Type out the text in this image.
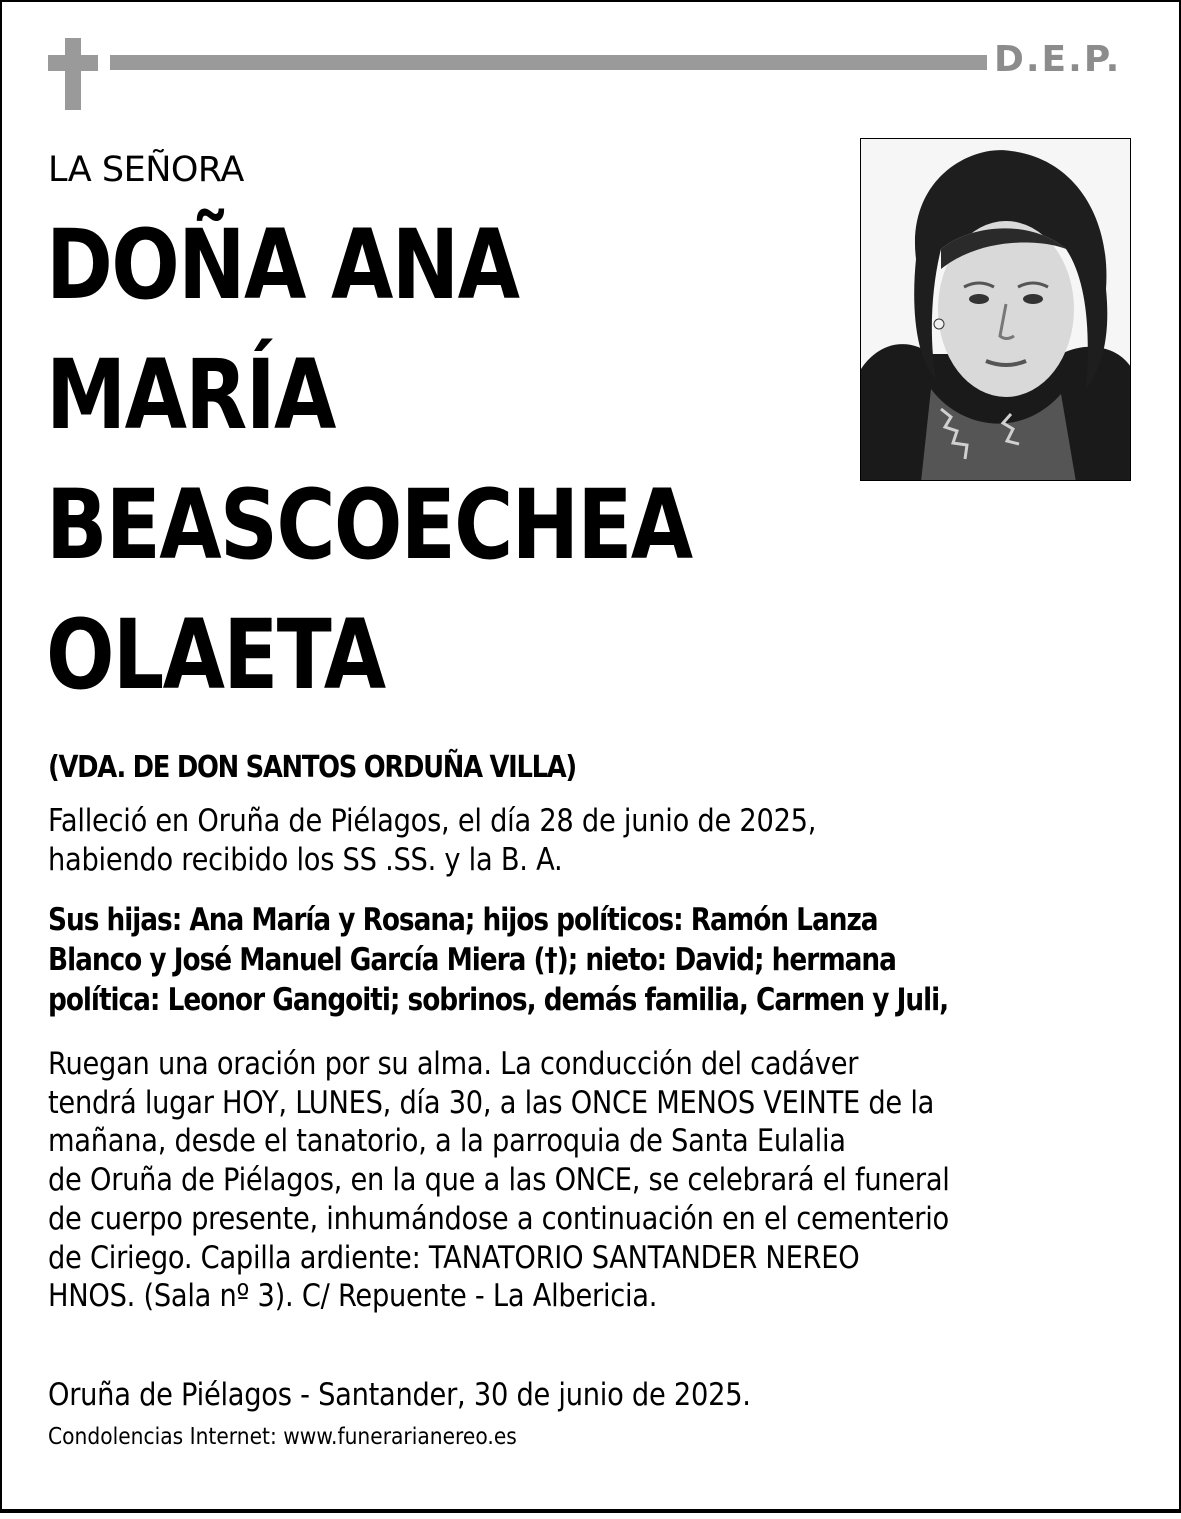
D.E.P.
LA SEÑORA
DOÑA ANA
MARÍA
BEASCOECHEA
OLAETA
(VDA. DE DON SANTOS ORDUÑA VILLA)
Falleció en Oruña de Piélagos, el día 28 de junio de 2025,
habiendo recibido los SS .SS. y la B. A.
Sus hijas: Ana María y Rosana; hijos políticos: Ramón Lanza
Blanco y José Manuel García Miera (†); nieto: David; hermana
política: Leonor Gangoiti; sobrinos, demás familia, Carmen y Juli,
Ruegan una oración por su alma. La conducción del cadáver
tendrá lugar HOY, LUNES, día 30, a las ONCE MENOS VEINTE de la
mañana, desde el tanatorio, a la parroquia de Santa Eulalia
de Oruña de Piélagos, en la que a las ONCE, se celebrará el funeral
de cuerpo presente, inhumándose a continuación en el cementerio
de Ciriego. Capilla ardiente: TANATORIO SANTANDER NEREO
HNOS. (Sala nº 3). C/ Repuente - La Albericia.
Oruña de Piélagos - Santander, 30 de junio de 2025.
Condolencias Internet: www.funerarianereo.es
